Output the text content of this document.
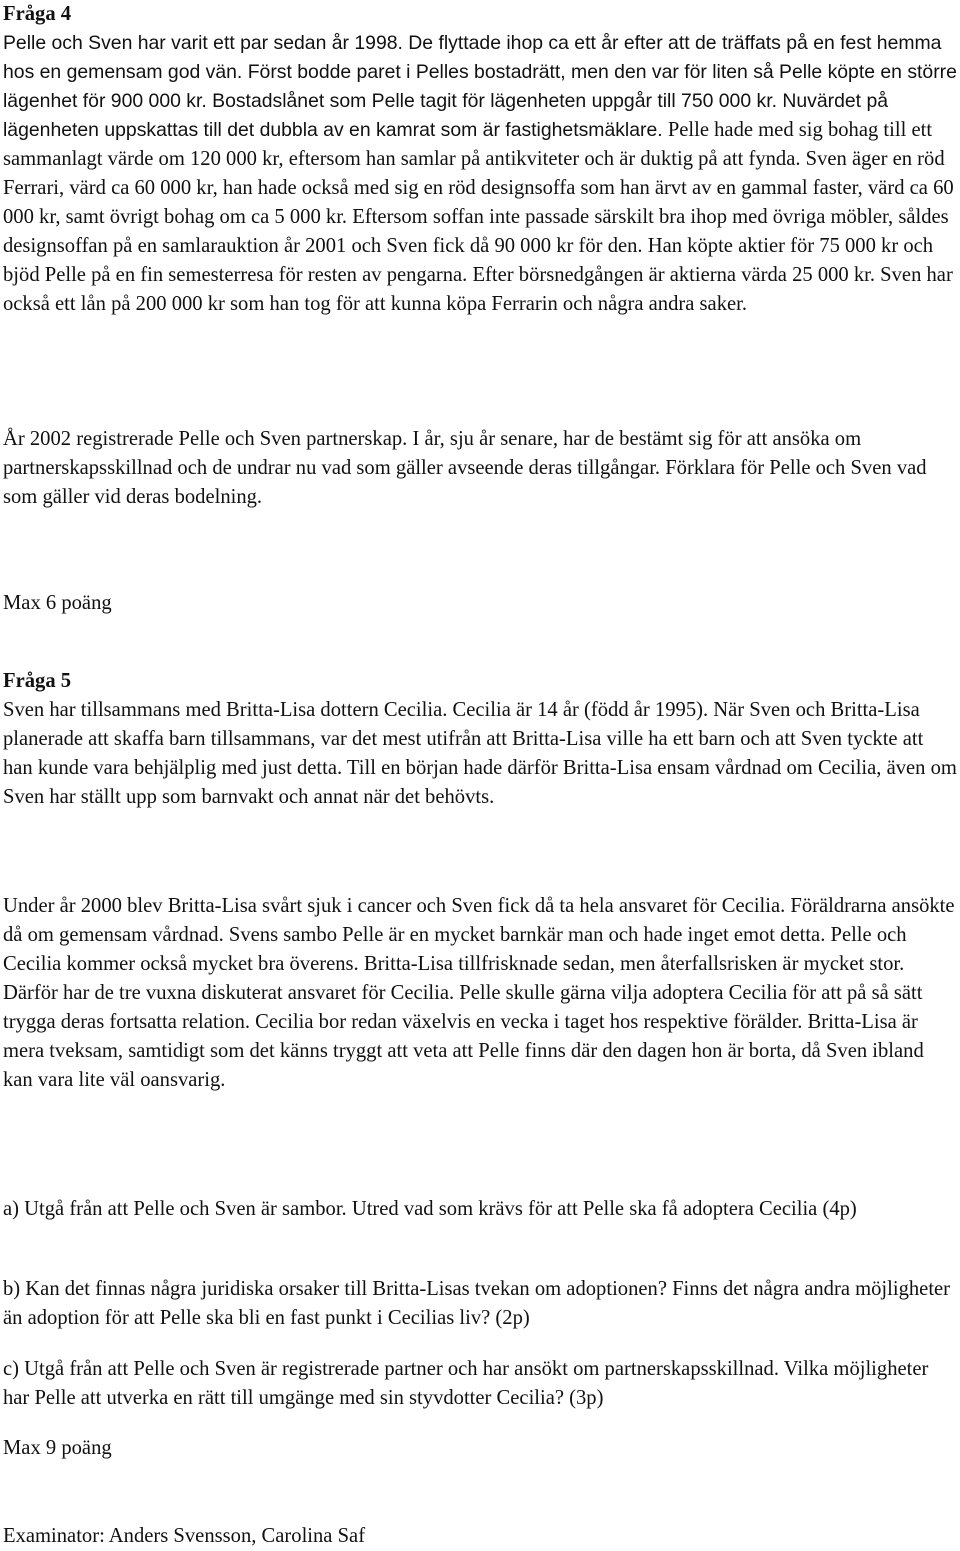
Fråga 4

Pelle och Sven har varit ett par sedan år 1998. De flyttade ihop ca ett år efter att de träffats på en fest hemma hos en gemensam god vän. Först bodde paret i Pelles bostadrätt, men den var för liten så Pelle köpte en större lägenhet för 900 000 kr. Bostadslånet som Pelle tagit för lägenheten uppgår till 750 000 kr. Nuvärdet på lägenheten uppskattas till det dubbla av en kamrat som är fastighetsmäklare. Pelle hade med sig bohag till ett sammanlagt värde om 120 000 kr, eftersom han samlar på antikviteter och är duktig på att fynda. Sven äger en röd Ferrari, värd ca 60 000 kr, han hade också med sig en röd designsoffa som han ärvt av en gammal faster, värd ca 60 000 kr, samt övrigt bohag om ca 5 000 kr. Eftersom soffan inte passade särskilt bra ihop med övriga möbler, såldes designsoffan på en samlarauktion år 2001 och Sven fick då 90 000 kr för den. Han köpte aktier för 75 000 kr och bjöd Pelle på en fin semesterresa för resten av pengarna. Efter börsnedgången är aktierna värda 25 000 kr. Sven har också ett lån på 200 000 kr som han tog för att kunna köpa Ferrarin och några andra saker.

År 2002 registrerade Pelle och Sven partnerskap. I år, sju år senare, har de bestämt sig för att ansöka om partnerskapsskillnad och de undrar nu vad som gäller avseende deras tillgångar. Förklara för Pelle och Sven vad som gäller vid deras bodelning.

Max 6 poäng
Fråga 5

Sven har tillsammans med Britta-Lisa dottern Cecilia. Cecilia är 14 år (född år 1995). När Sven och Britta-Lisa planerade att skaffa barn tillsammans, var det mest utifrån att Britta-Lisa ville ha ett barn och att Sven tyckte att han kunde vara behjälplig med just detta. Till en början hade därför Britta-Lisa ensam vårdnad om Cecilia, även om Sven har ställt upp som barnvakt och annat när det behövts.

Under år 2000 blev Britta-Lisa svårt sjuk i cancer och Sven fick då ta hela ansvaret för Cecilia. Föräldrarna ansökte då om gemensam vårdnad. Svens sambo Pelle är en mycket barnkär man och hade inget emot detta. Pelle och Cecilia kommer också mycket bra överens. Britta-Lisa tillfrisknade sedan, men återfallsrisken är mycket stor. Därför har de tre vuxna diskuterat ansvaret för Cecilia. Pelle skulle gärna vilja adoptera Cecilia för att på så sätt trygga deras fortsatta relation. Cecilia bor redan växelvis en vecka i taget hos respektive förälder. Britta-Lisa är mera tveksam, samtidigt som det känns tryggt att veta att Pelle finns där den dagen hon är borta, då Sven ibland kan vara lite väl oansvarig.

a) Utgå från att Pelle och Sven är sambor. Utred vad som krävs för att Pelle ska få adoptera Cecilia (4p)

b) Kan det finnas några juridiska orsaker till Britta-Lisas tvekan om adoptionen? Finns det några andra möjligheter än adoption för att Pelle ska bli en fast punkt i Cecilias liv? (2p)

c) Utgå från att Pelle och Sven är registrerade partner och har ansökt om partnerskapsskillnad. Vilka möjligheter har Pelle att utverka en rätt till umgänge med sin styvdotter Cecilia? (3p)

Max 9 poäng
Examinator: Anders Svensson, Carolina Saf
